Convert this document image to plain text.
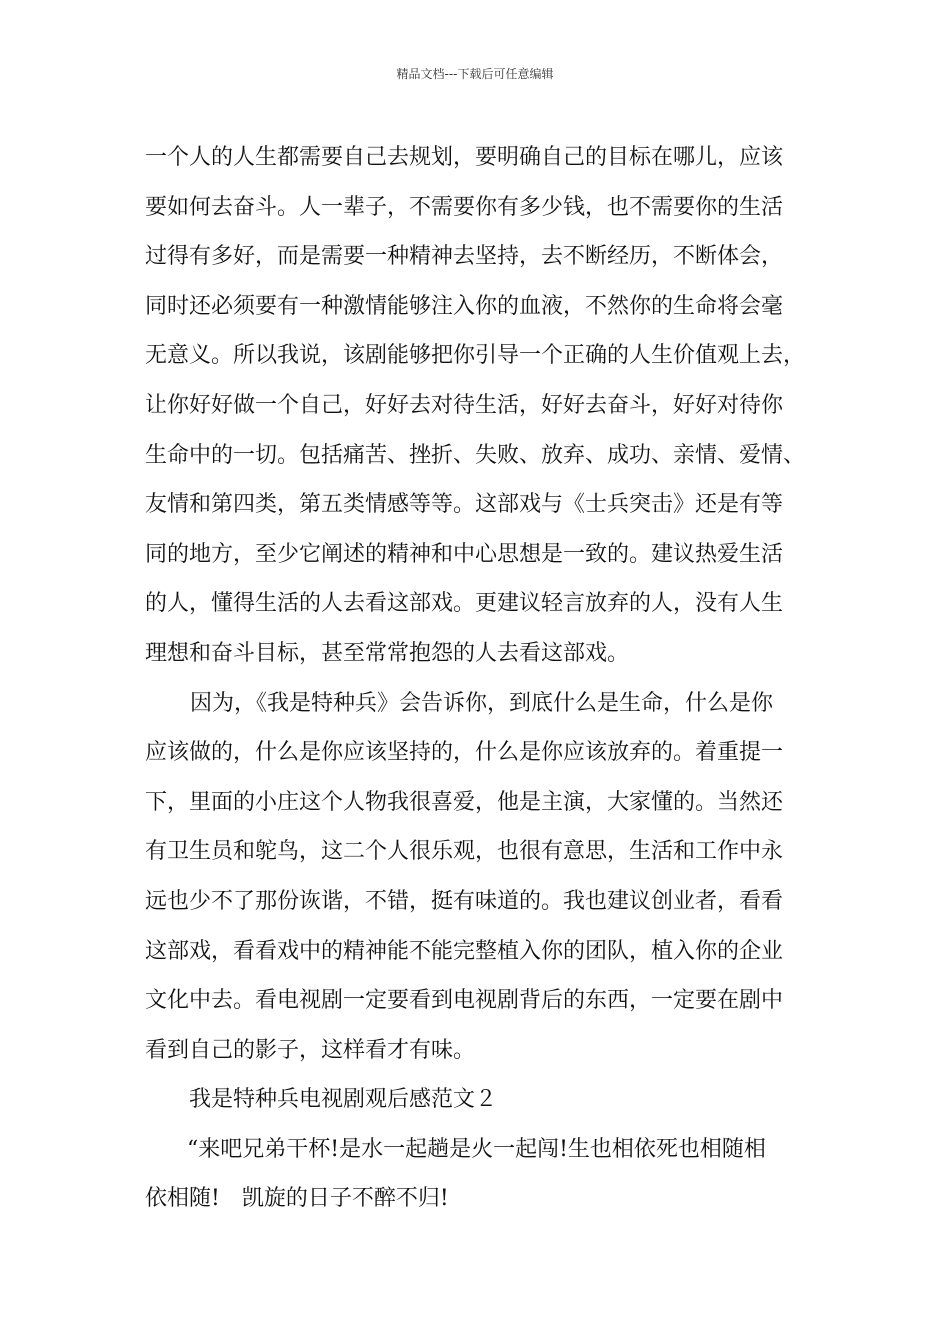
精品文档---下载后可任意编辑
一个人的人生都需要自己去规划，要明确自己的目标在哪儿，应该
要如何去奋斗。人一辈子，不需要你有多少钱，也不需要你的生活
过得有多好，而是需要一种精神去坚持，去不断经历，不断体会，
同时还必须要有一种激情能够注入你的血液，不然你的生命将会毫
无意义。所以我说，该剧能够把你引导一个正确的人生价值观上去，
让你好好做一个自己，好好去对待生活，好好去奋斗，好好对待你
生命中的一切。包括痛苦、挫折、失败、放弃、成功、亲情、爱情、
友情和第四类，第五类情感等等。这部戏与《士兵突击》还是有等
同的地方，至少它阐述的精神和中心思想是一致的。建议热爱生活
的人，懂得生活的人去看这部戏。更建议轻言放弃的人，没有人生
理想和奋斗目标，甚至常常抱怨的人去看这部戏。
因为，《我是特种兵》会告诉你，到底什么是生命，什么是你
应该做的，什么是你应该坚持的，什么是你应该放弃的。着重提一
下，里面的小庄这个人物我很喜爱，他是主演，大家懂的。当然还
有卫生员和鸵鸟，这二个人很乐观，也很有意思，生活和工作中永
远也少不了那份诙谐，不错，挺有味道的。我也建议创业者，看看
这部戏，看看戏中的精神能不能完整植入你的团队，植入你的企业
文化中去。看电视剧一定要看到电视剧背后的东西，一定要在剧中
看到自己的影子，这样看才有味。
我是特种兵电视剧观后感范文２
“来吧兄弟干杯!是水一起趟是火一起闯!生也相依死也相随相
依相随!　凯旋的日子不醉不归!
